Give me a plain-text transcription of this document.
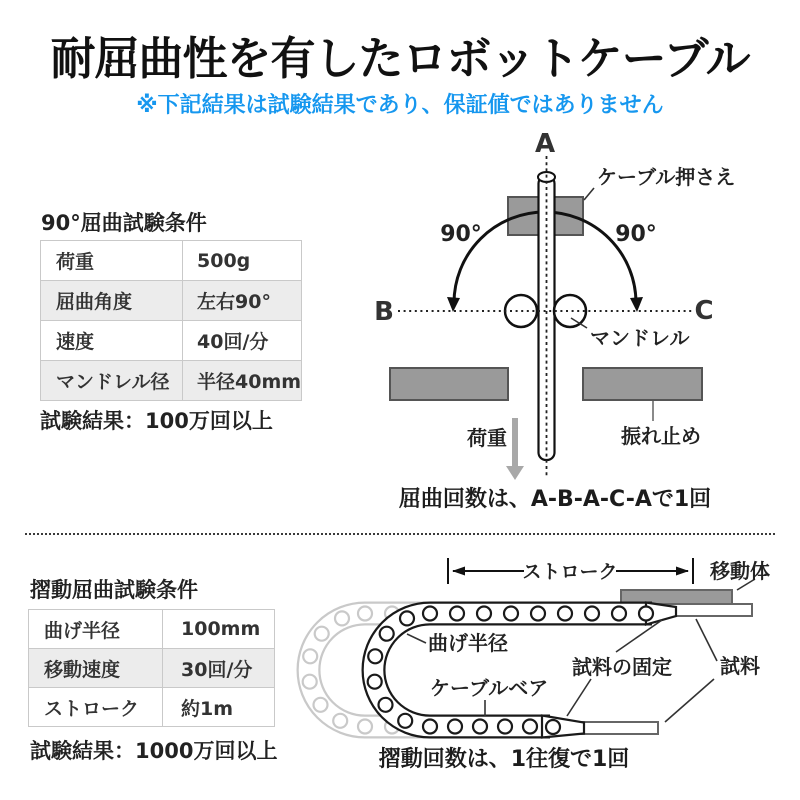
耐屈曲性を有したロボットケーブル
※下記結果は試験結果であり、保証値ではありません
90°屈曲試験条件
荷重	500g
屈曲角度	左右90°
速度	40回/分
マンドレル径	半径40mm
試験結果：100万回以上
A
B	C
90°	90°
ケーブル押さえ
マンドレル
振れ止め
荷重
屈曲回数は、A-B-A-C-Aで1回
摺動屈曲試験条件
曲げ半径	100mm
移動速度	30回/分
ストローク	約1m
試験結果：1000万回以上
ストローク	移動体
曲げ半径
ケーブルベア
試料の固定 試料
摺動回数は、1往復で1回
